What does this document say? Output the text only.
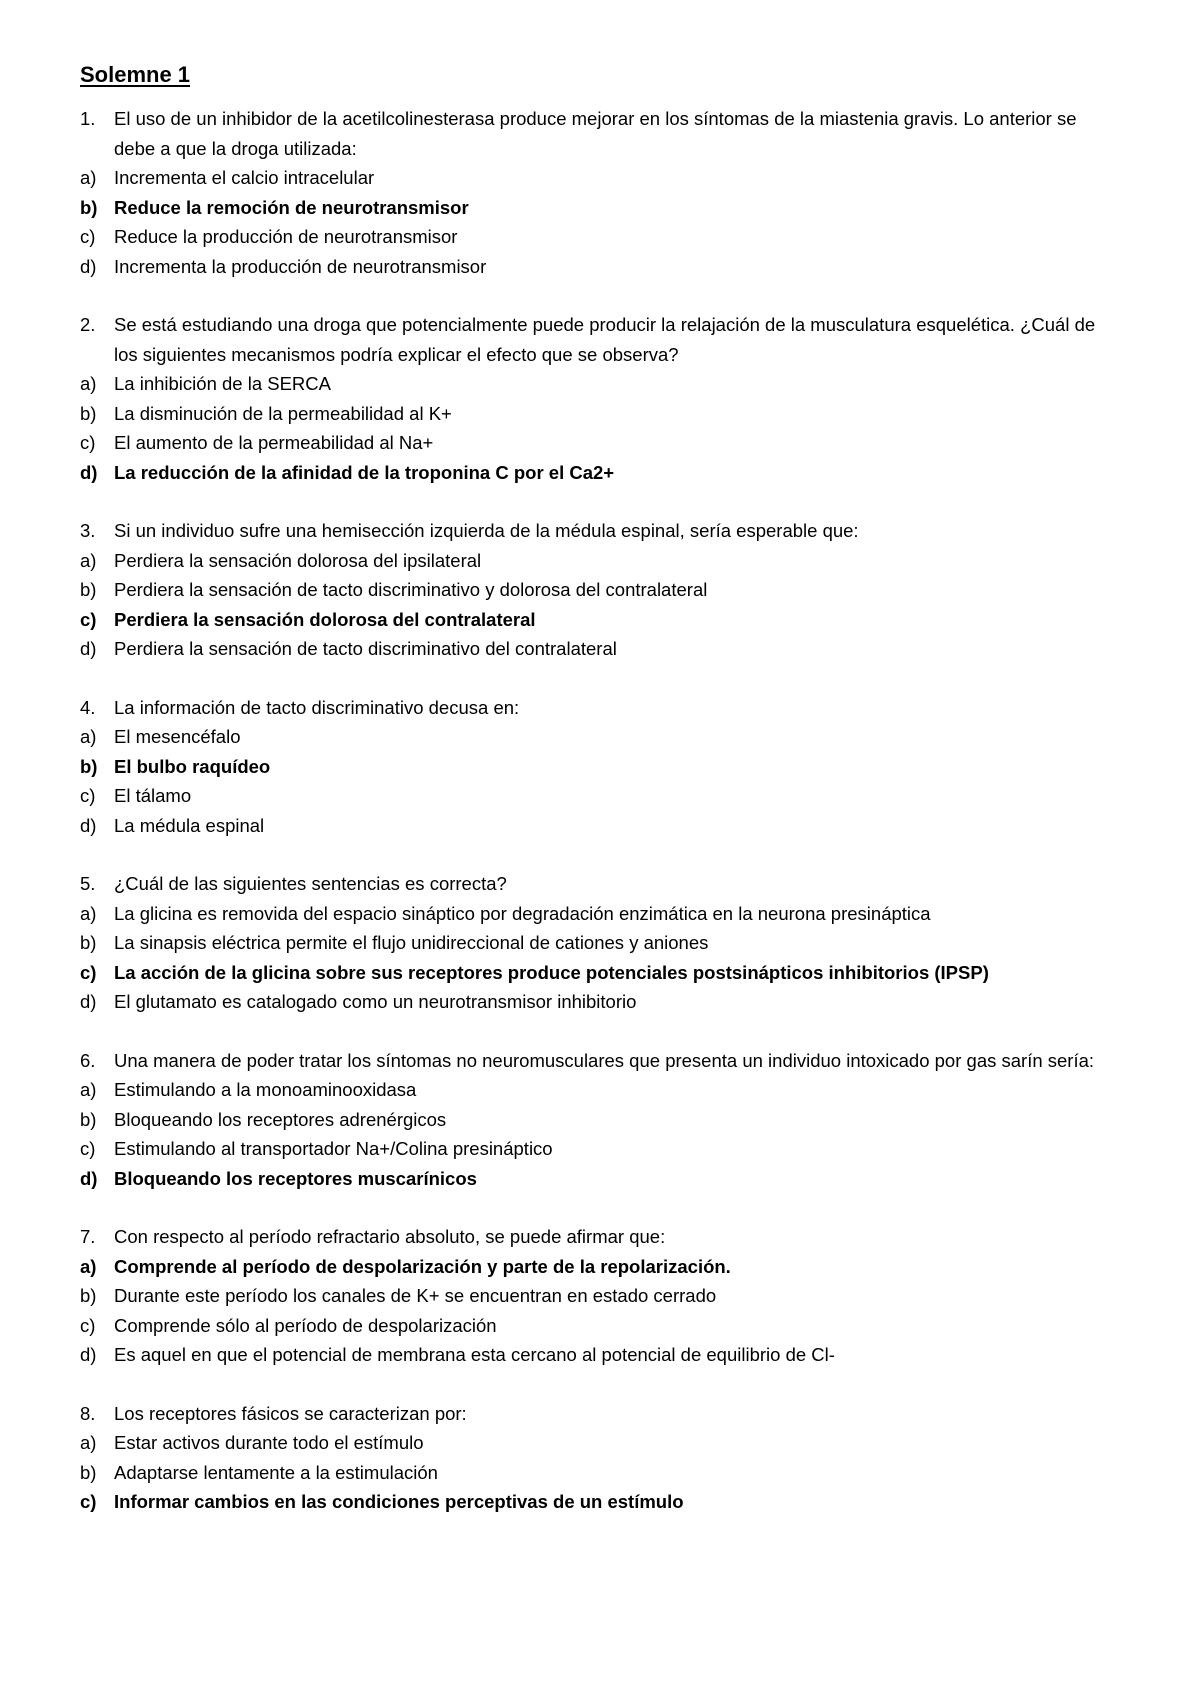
Solemne 1
1.	El uso de un inhibidor de la acetilcolinesterasa produce mejorar en los síntomas de la miastenia gravis. Lo anterior se debe a que la droga utilizada:
a) Incrementa el calcio intracelular
b) Reduce la remoción de neurotransmisor
c)	Reduce la producción de neurotransmisor
d) Incrementa la producción de neurotransmisor
2.	Se está estudiando una droga que potencialmente puede producir la relajación de la musculatura esquelética. ¿Cuál de los siguientes mecanismos podría explicar el efecto que se observa?
a) La inhibición de la SERCA
b) La disminución de la permeabilidad al K+
c)	El aumento de la permeabilidad al Na+
d) La reducción de la afinidad de la troponina C por el Ca2+
3.	Si un individuo sufre una hemisección izquierda de la médula espinal, sería esperable que:
a) Perdiera la sensación dolorosa del ipsilateral
b) Perdiera la sensación de tacto discriminativo y dolorosa del contralateral
c) Perdiera la sensación dolorosa del contralateral
d) Perdiera la sensación de tacto discriminativo del contralateral
4.	La información de tacto discriminativo decusa en:
a) El mesencéfalo
b) El bulbo raquídeo
c)	El tálamo
d) La médula espinal
5.	¿Cuál de las siguientes sentencias es correcta?
a) La glicina es removida del espacio sináptico por degradación enzimática en la neurona presináptica
b) La sinapsis eléctrica permite el flujo unidireccional de cationes y aniones
c) La acción de la glicina sobre sus receptores produce potenciales postsinápticos inhibitorios (IPSP)
d) El glutamato es catalogado como un neurotransmisor inhibitorio
6.	Una manera de poder tratar los síntomas no neuromusculares que presenta un individuo intoxicado por gas sarín sería:
a) Estimulando a la monoaminooxidasa
b) Bloqueando los receptores adrenérgicos
c)	Estimulando al transportador Na+/Colina presináptico
d) Bloqueando los receptores muscarínicos
7.	Con respecto al período refractario absoluto, se puede afirmar que:
a) Comprende al período de despolarización y parte de la repolarización.
b) Durante este período los canales de K+ se encuentran en estado cerrado
c)	Comprende sólo al período de despolarización
d) Es aquel en que el potencial de membrana esta cercano al potencial de equilibrio de Cl-
8.	Los receptores fásicos se caracterizan por:
a) Estar activos durante todo el estímulo
b) Adaptarse lentamente a la estimulación
c) Informar cambios en las condiciones perceptivas de un estímulo
